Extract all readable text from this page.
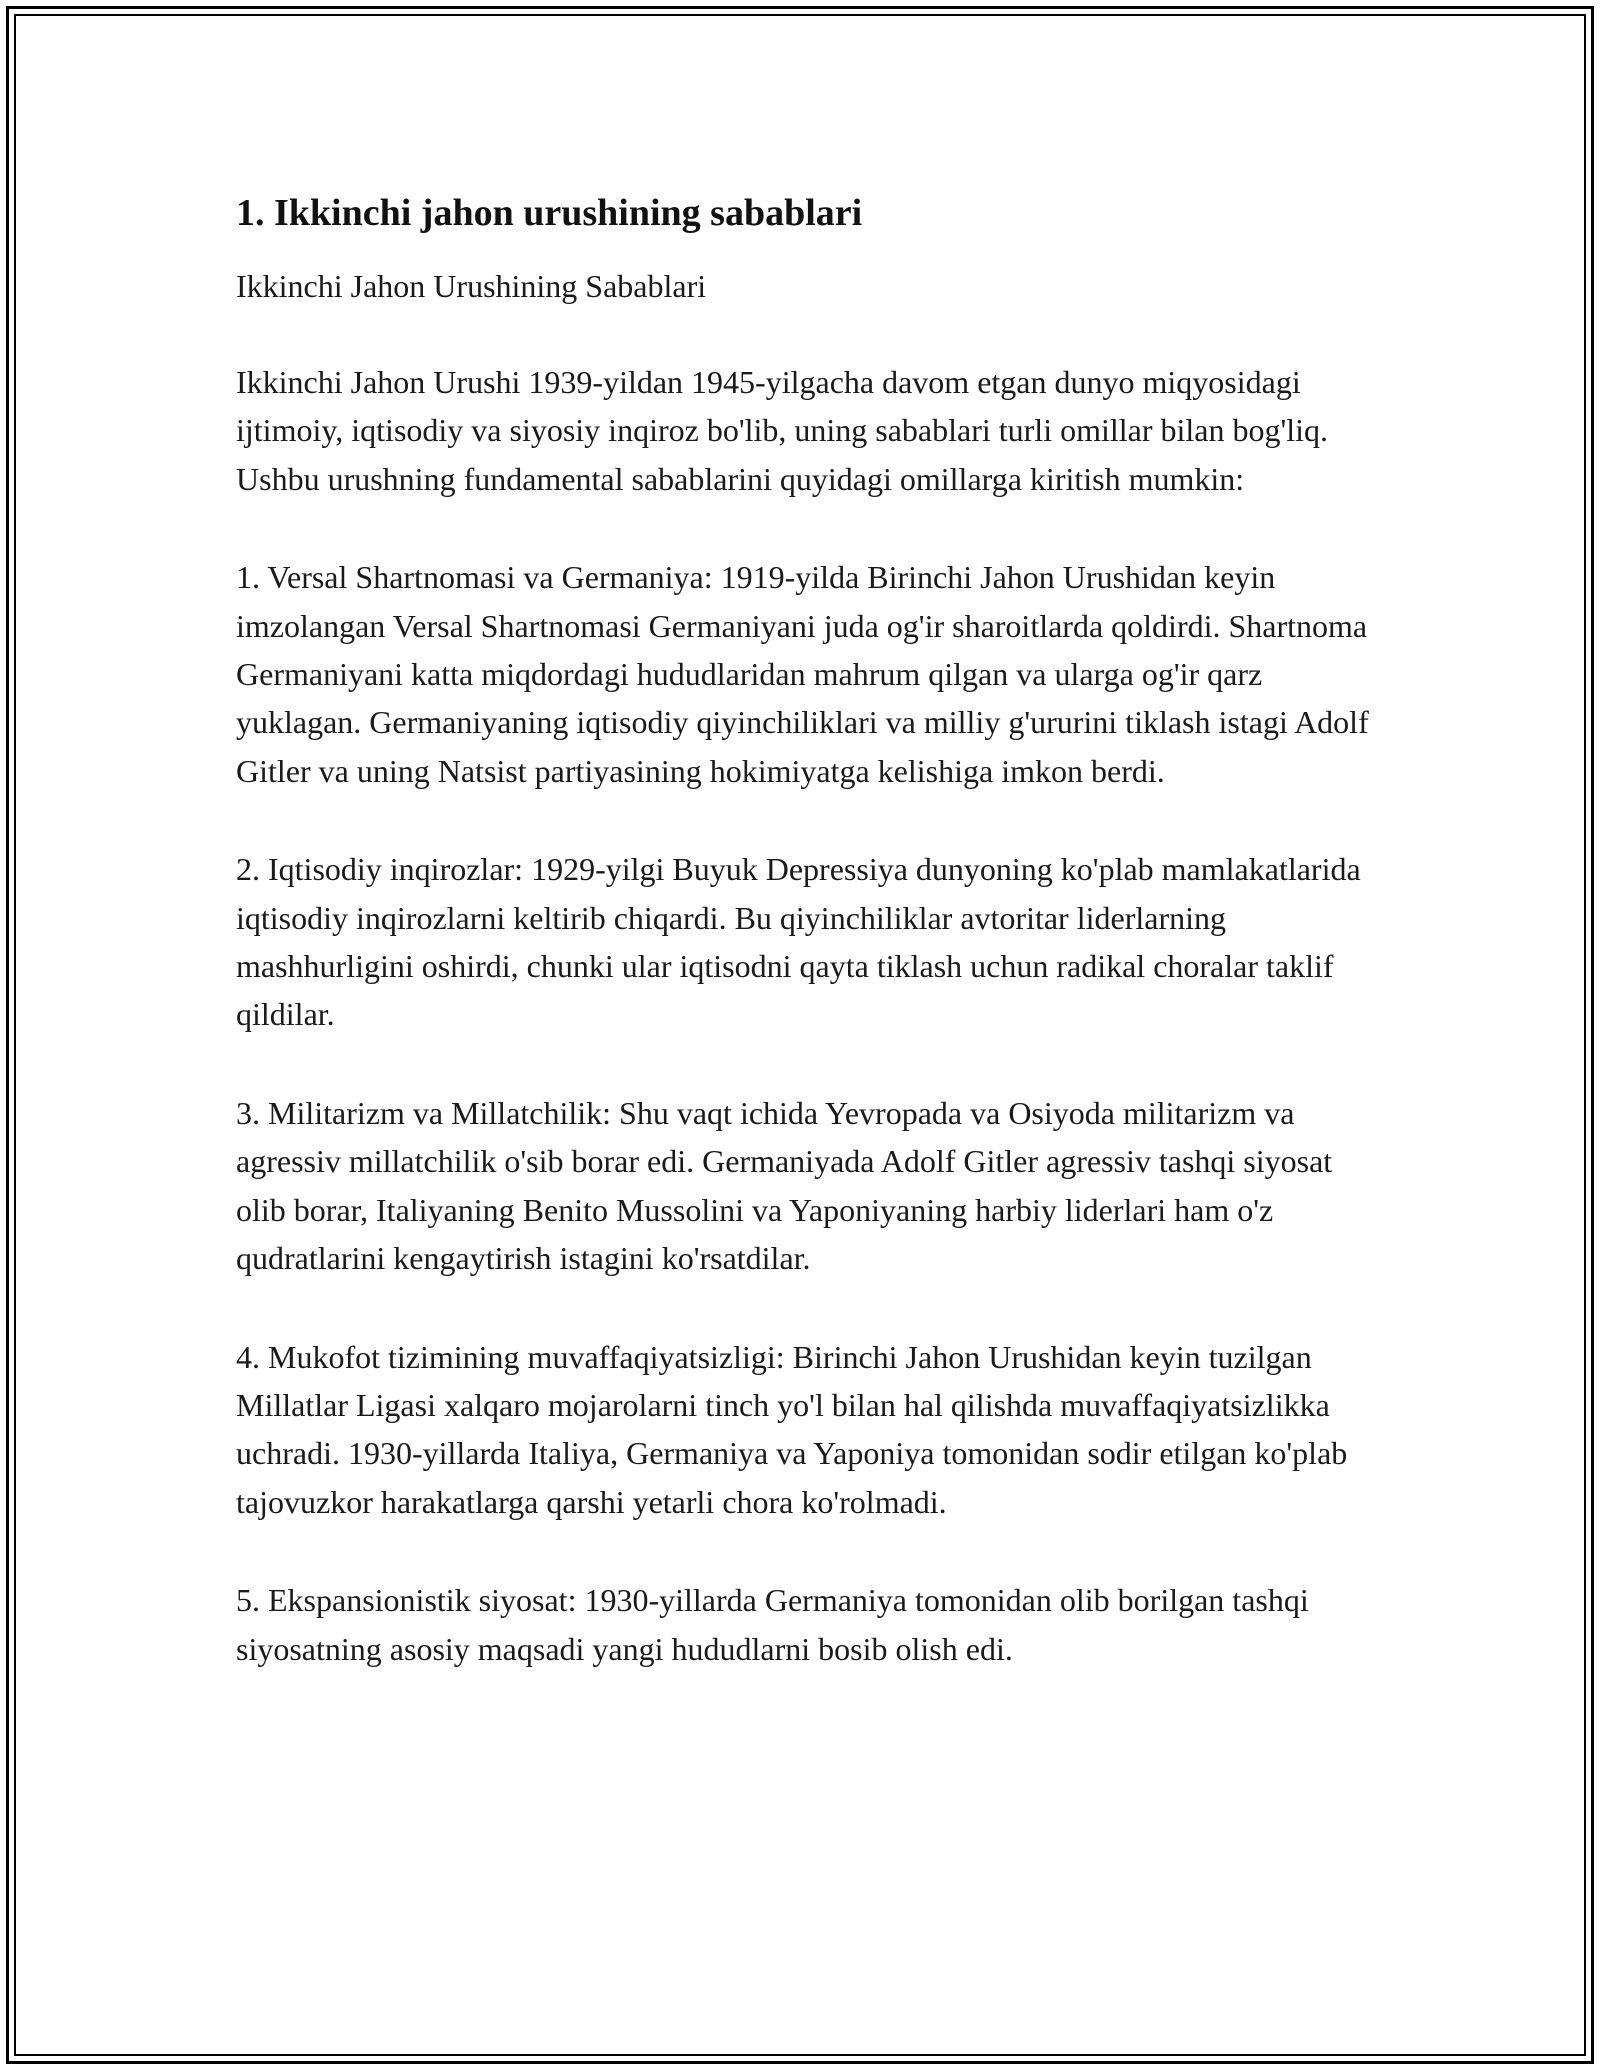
1. Ikkinchi jahon urushining sabablari

Ikkinchi Jahon Urushining Sabablari

Ikkinchi Jahon Urushi 1939-yildan 1945-yilgacha davom etgan dunyo miqyosidagi ijtimoiy, iqtisodiy va siyosiy inqiroz bo'lib, uning sabablari turli omillar bilan bog'liq. Ushbu urushning fundamental sabablarini quyidagi omillarga kiritish mumkin:

1. Versal Shartnomasi va Germaniya: 1919-yilda Birinchi Jahon Urushidan keyin imzolangan Versal Shartnomasi Germaniyani juda og'ir sharoitlarda qoldirdi. Shartnoma Germaniyani katta miqdordagi hududlaridan mahrum qilgan va ularga og'ir qarz yuklagan. Germaniyaning iqtisodiy qiyinchiliklari va milliy g'ururini tiklash istagi Adolf Gitler va uning Natsist partiyasining hokimiyatga kelishiga imkon berdi.

2. Iqtisodiy inqirozlar: 1929-yilgi Buyuk Depressiya dunyoning ko'plab mamlakatlarida iqtisodiy inqirozlarni keltirib chiqardi. Bu qiyinchiliklar avtoritar liderlarning mashhurligini oshirdi, chunki ular iqtisodni qayta tiklash uchun radikal choralar taklif qildilar.

3. Militarizm va Millatchilik: Shu vaqt ichida Yevropada va Osiyoda militarizm va agressiv millatchilik o'sib borar edi. Germaniyada Adolf Gitler agressiv tashqi siyosat olib borar, Italiyaning Benito Mussolini va Yaponiyaning harbiy liderlari ham o'z qudratlarini kengaytirish istagini ko'rsatdilar.

4. Mukofot tizimining muvaffaqiyatsizligi: Birinchi Jahon Urushidan keyin tuzilgan Millatlar Ligasi xalqaro mojarolarni tinch yo'l bilan hal qilishda muvaffaqiyatsizlikka uchradi. 1930-yillarda Italiya, Germaniya va Yaponiya tomonidan sodir etilgan ko'plab tajovuzkor harakatlarga qarshi yetarli chora ko'rolmadi.

5. Ekspansionistik siyosat: 1930-yillarda Germaniya tomonidan olib borilgan tashqi siyosatning asosiy maqsadi yangi hududlarni bosib olish edi.
